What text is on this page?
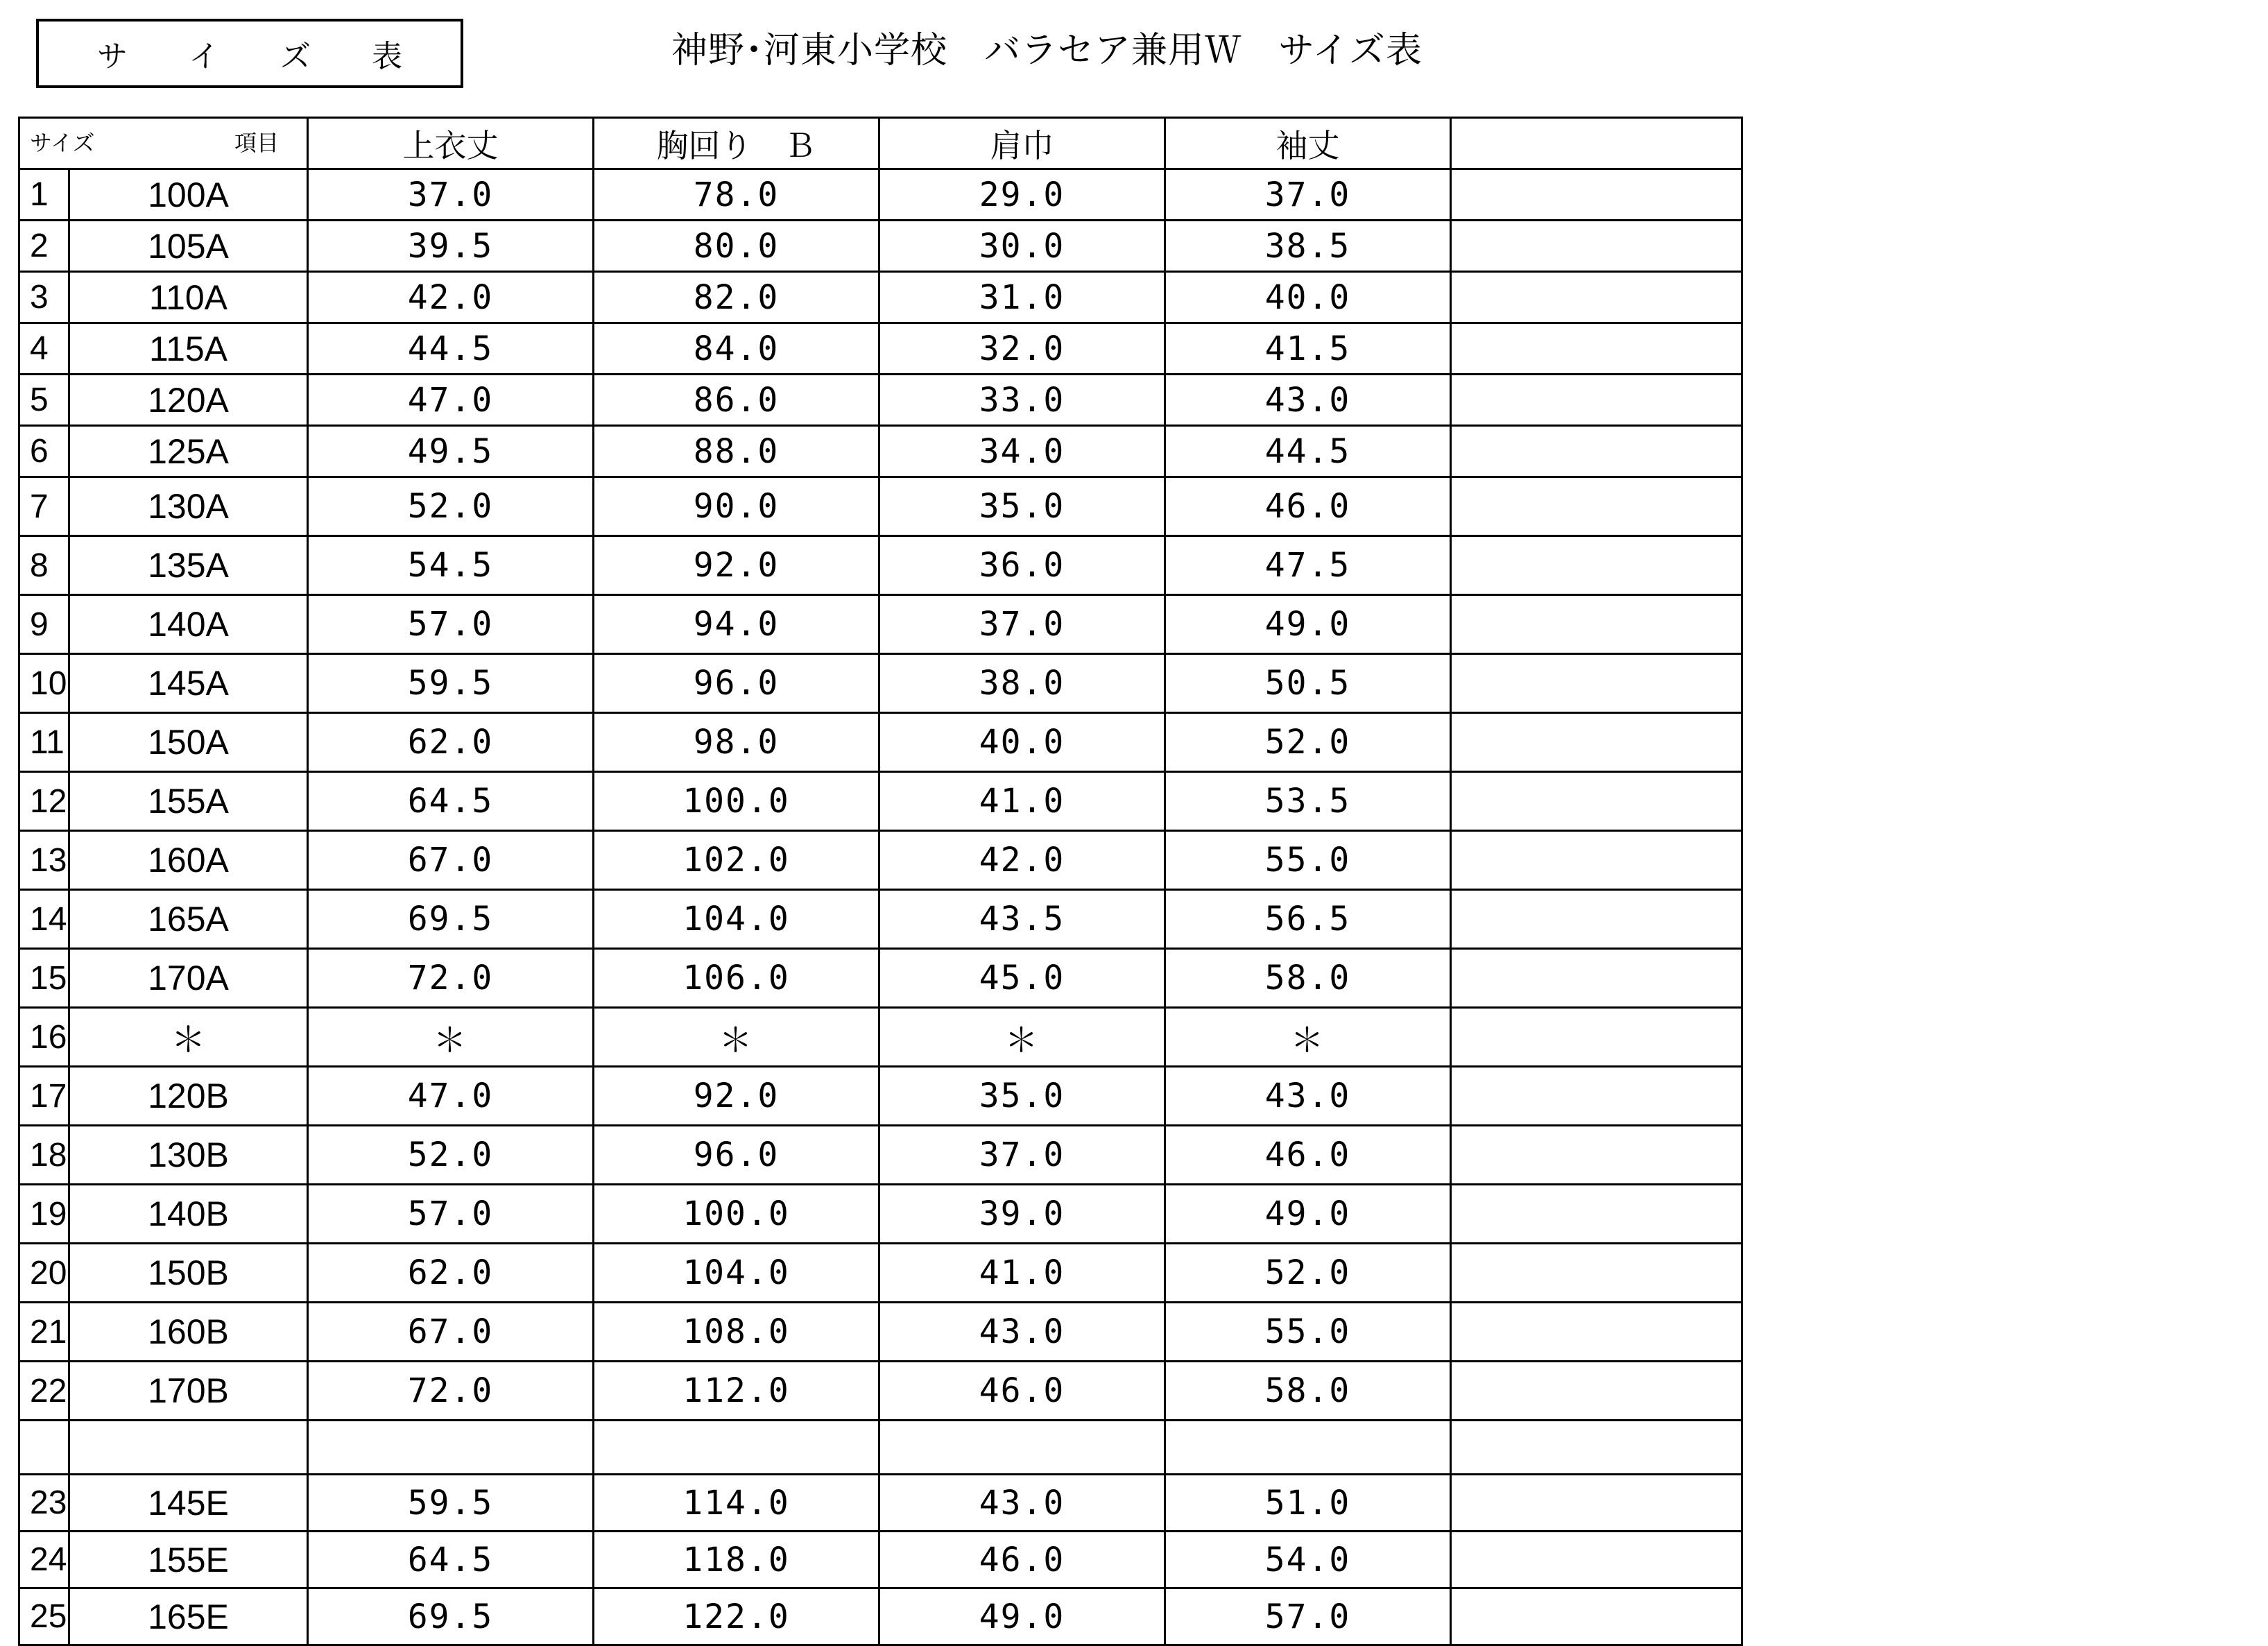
サ イ ズ 表	神野･河東小学校　バラセア兼用Ｗ　サイズ表
サイズ 項目		上衣丈	胸回り　Ｂ	肩巾	袖丈	
1	100A	37.0	78.0	29.0	37.0	
2	105A	39.5	80.0	30.0	38.5	
3	110A	42.0	82.0	31.0	40.0	
4	115A	44.5	84.0	32.0	41.5	
5	120A	47.0	86.0	33.0	43.0	
6	125A	49.5	88.0	34.0	44.5	
7	130A	52.0	90.0	35.0	46.0	
8	135A	54.5	92.0	36.0	47.5	
9	140A	57.0	94.0	37.0	49.0	
10	145A	59.5	96.0	38.0	50.5	
11	150A	62.0	98.0	40.0	52.0	
12	155A	64.5	100.0	41.0	53.5	
13	160A	67.0	102.0	42.0	55.0	
14	165A	69.5	104.0	43.5	56.5	
15	170A	72.0	106.0	45.0	58.0	
16	＊	＊	＊	＊	＊	
17	120B	47.0	92.0	35.0	43.0	
18	130B	52.0	96.0	37.0	46.0	
19	140B	57.0	100.0	39.0	49.0	
20	150B	62.0	104.0	41.0	52.0	
21	160B	67.0	108.0	43.0	55.0	
22	170B	72.0	112.0	46.0	58.0	

23	145E	59.5	114.0	43.0	51.0	
24	155E	64.5	118.0	46.0	54.0	
25	165E	69.5	122.0	49.0	57.0	
